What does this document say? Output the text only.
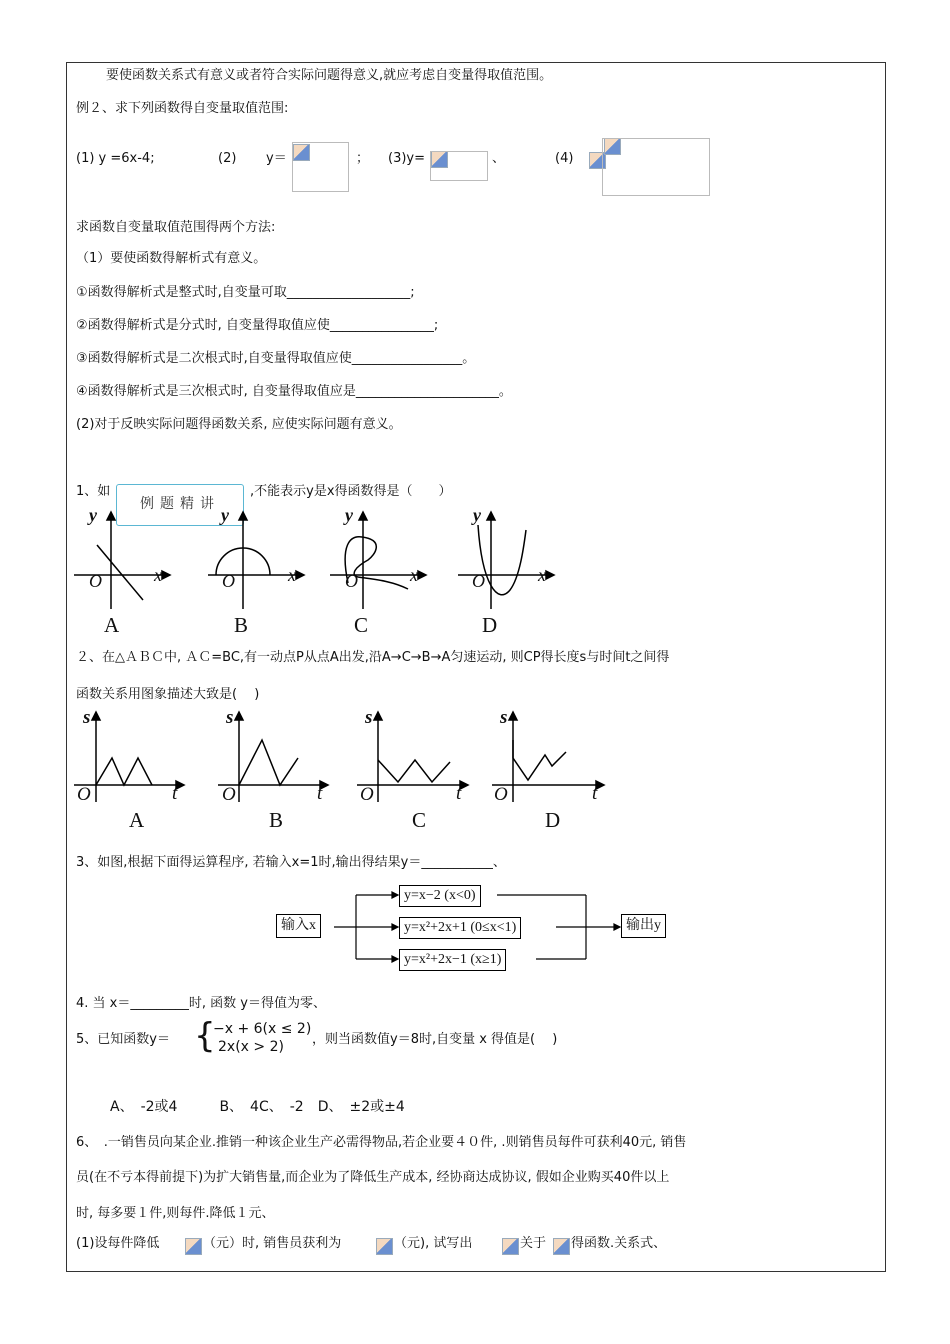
要使函数关系式有意义或者符合实际问题得意义,就应考虑自变量得取值范围。
例２、求下列函数得自变量取值范围:
(1) y =6x-4;	(2) y＝	； (3)y=	、	(4)
求函数自变量取值范围得两个方法:
（1）要使函数得解析式有意义。
①函数得解析式是整式时,自变量可取___________________;
②函数得解析式是分式时, 自变量得取值应使________________;
③函数得解析式是二次根式时,自变量得取值应使_________________。
④函数得解析式是三次根式时, 自变量得取值应是______________________。
(2)对于反映实际问题得函数关系, 应使实际问题有意义。
1、如	,不能表示y是x得函数得是（　　）
例题精讲
y	y	y	y
x	x	x	x
O	O	O	O
A	B	C	D
２、在△ＡＢＣ中, ＡＣ=BC,有一动点P从点A出发,沿A→C→B→A匀速运动, 则CP得长度s与时间t之间得
函数关系用图象描述大致是(　 )
s	s	s	s
O	O	O	O
t	t	t	t
A	B	C	D
3、如图,根据下面得运算程序, 若输入x=1时,输出得结果y＝___________、
输入x
y=x−2 (x<0)
y=x²+2x+1 (0≤x<1)
y=x²+2x−1 (x≥1)
输出y
4. 当 x＝_________时, 函数 y＝得值为零、
5、已知函数y＝ {
−x + 6(x ≤ 2)
2x(x > 2) ，则当函数值y＝8时,自变量 x 得值是(　 )
A、　-2或4　　　B、　4C、　-2　D、　±2或±4
6、　.一销售员向某企业.推销一种该企业生产必需得物品,若企业要４０件, .则销售员每件可获利40元, 销售
员(在不亏本得前提下)为扩大销售量,而企业为了降低生产成本, 经协商达成协议, 假如企业购买40件以上
时, 每多要１件,则每件.降低１元、
(1)设每件降低	（元）时, 销售员获利为	（元), 试写出	关于 得函数.关系式、
